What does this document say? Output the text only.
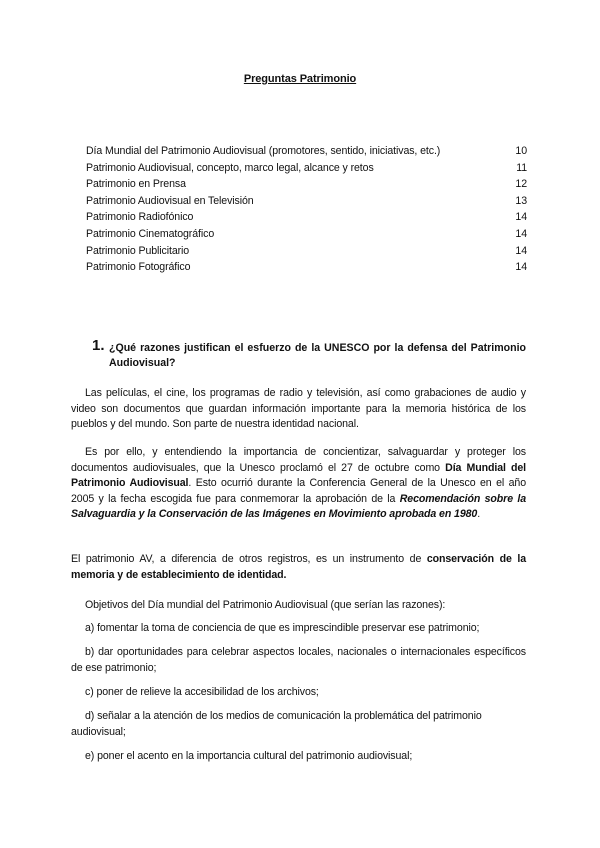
Preguntas Patrimonio
Día Mundial del Patrimonio Audiovisual (promotores, sentido, iniciativas, etc.)	10
Patrimonio Audiovisual, concepto, marco legal, alcance y retos	11
Patrimonio en Prensa	12
Patrimonio Audiovisual en Televisión	13
Patrimonio Radiofónico	14
Patrimonio Cinematográfico	14
Patrimonio Publicitario	14
Patrimonio Fotográfico	14
1. ¿Qué razones justifican el esfuerzo de la UNESCO por la defensa del Patrimonio Audiovisual?
Las películas, el cine, los programas de radio y televisión, así como grabaciones de audio y video son documentos que guardan información importante para la memoria histórica de los pueblos y del mundo. Son parte de nuestra identidad nacional.
Es por ello, y entendiendo la importancia de concientizar, salvaguardar y proteger los documentos audiovisuales, que la Unesco proclamó el 27 de octubre como Día Mundial del Patrimonio Audiovisual. Esto ocurrió durante la Conferencia General de la Unesco en el año 2005 y la fecha escogida fue para conmemorar la aprobación de la Recomendación sobre la Salvaguardia y la Conservación de las Imágenes en Movimiento aprobada en 1980.
El patrimonio AV, a diferencia de otros registros, es un instrumento de conservación de la memoria y de establecimiento de identidad.
Objetivos del Día mundial del Patrimonio Audiovisual (que serían las razones):
a) fomentar la toma de conciencia de que es imprescindible preservar ese patrimonio;
b) dar oportunidades para celebrar aspectos locales, nacionales o internacionales específicos de ese patrimonio;
c) poner de relieve la accesibilidad de los archivos;
d) señalar a la atención de los medios de comunicación la problemática del patrimonio audiovisual;
e) poner el acento en la importancia cultural del patrimonio audiovisual;
